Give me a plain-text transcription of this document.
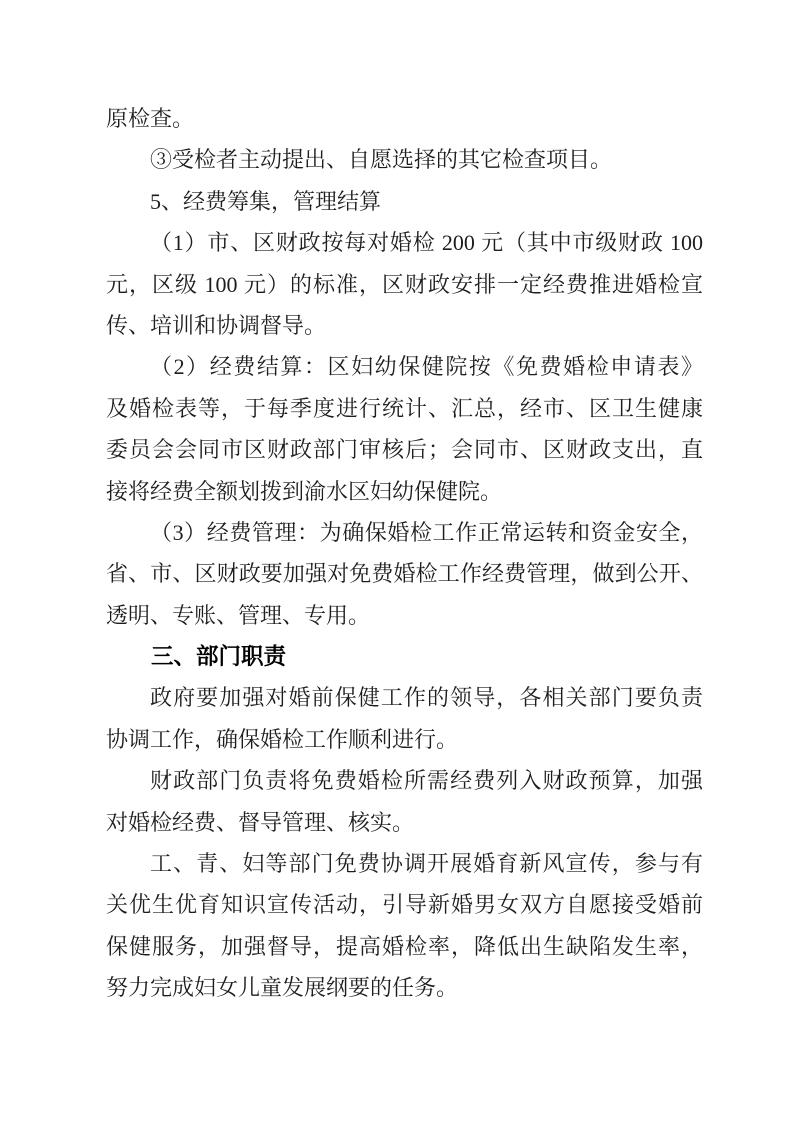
原检查。
③受检者主动提出、自愿选择的其它检查项目。
5、经费筹集，管理结算
（1）市、区财政按每对婚检 200 元（其中市级财政 100
元，区级 100 元）的标准，区财政安排一定经费推进婚检宣
传、培训和协调督导。
（2）经费结算：区妇幼保健院按《免费婚检申请表》
及婚检表等，于每季度进行统计、汇总，经市、区卫生健康
委员会会同市区财政部门审核后；会同市、区财政支出，直
接将经费全额划拨到渝水区妇幼保健院。
（3）经费管理：为确保婚检工作正常运转和资金安全，
省、市、区财政要加强对免费婚检工作经费管理，做到公开、
透明、专账、管理、专用。
三、部门职责
政府要加强对婚前保健工作的领导，各相关部门要负责
协调工作，确保婚检工作顺利进行。
财政部门负责将免费婚检所需经费列入财政预算，加强
对婚检经费、督导管理、核实。
工、青、妇等部门免费协调开展婚育新风宣传，参与有
关优生优育知识宣传活动，引导新婚男女双方自愿接受婚前
保健服务，加强督导，提高婚检率，降低出生缺陷发生率，
努力完成妇女儿童发展纲要的任务。
